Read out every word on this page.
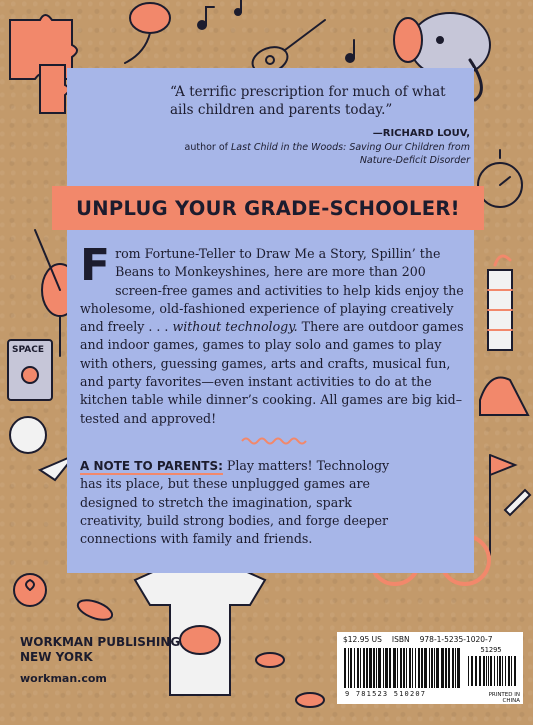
SPACE
“A terrific prescription for much of what ails children and parents today.”
—RICHARD LOUV,
author of Last Child in the Woods: Saving Our Children from Nature-Deficit Disorder
UNPLUG YOUR GRADE-SCHOOLER!
From Fortune-Teller to Draw Me a Story, Spillin’ the Beans to Monkeyshines, here are more than 200 screen-free games and activities to help kids enjoy the wholesome, old-fashioned experience of playing creatively and freely . . . without technology. There are outdoor games and indoor games, games to play solo and games to play with others, guessing games, arts and crafts, musical fun, and party favorites—even instant activities to do at the kitchen table while dinner’s cooking. All games are big kid–tested and approved!
A NOTE TO PARENTS: Play matters! Technology has its place, but these unplugged games are designed to stretch the imagination, spark creativity, build strong bodies, and forge deeper connections with family and friends.
WORKMAN PUBLISHING
NEW YORK
workman.com
$12.95 US ISBN 978-1-5235-1020-7
51295
9 781523 510207	PRINTED IN CHINA
